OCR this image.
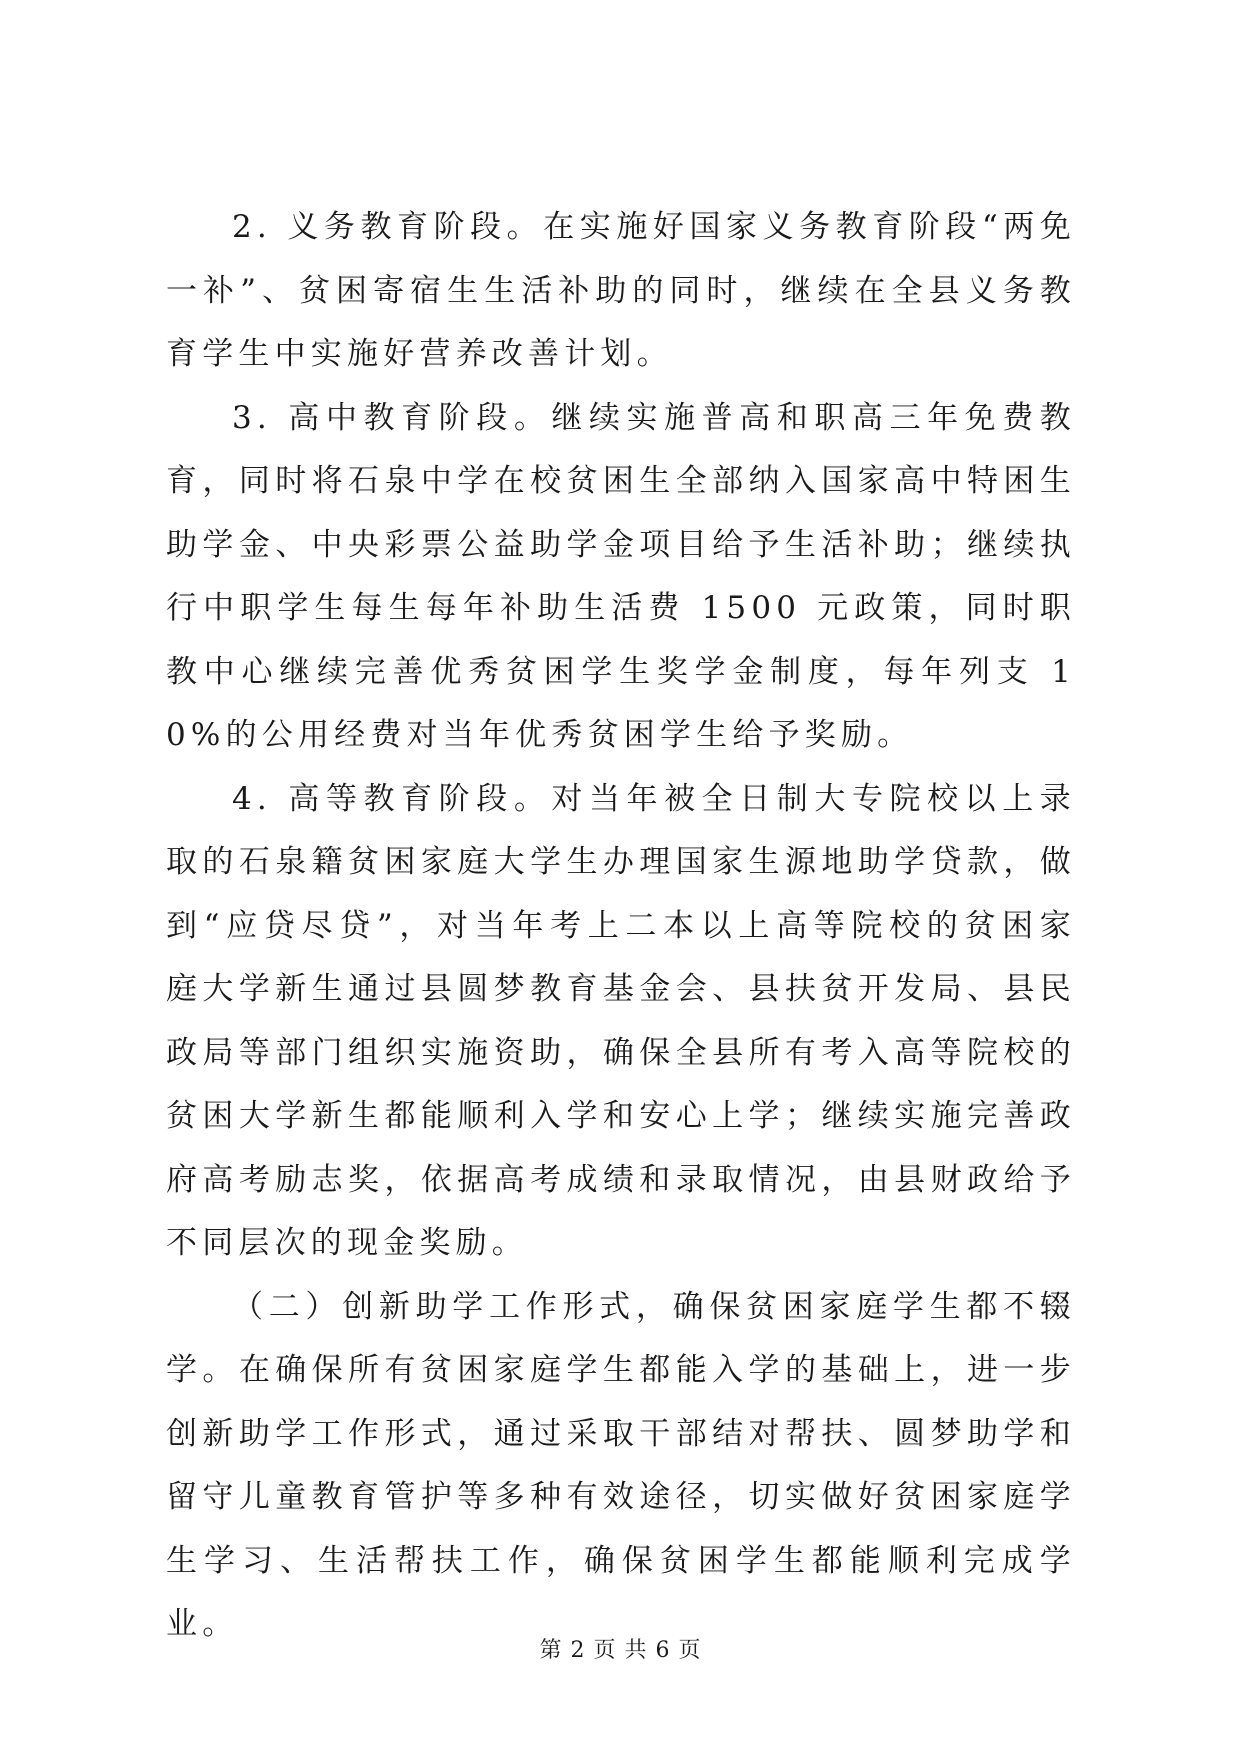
2. 义务教育阶段。在实施好国家义务教育阶段“两免一补”、贫困寄宿生生活补助的同时，继续在全县义务教育学生中实施好营养改善计划。

3. 高中教育阶段。继续实施普高和职高三年免费教育，同时将石泉中学在校贫困生全部纳入国家高中特困生助学金、中央彩票公益助学金项目给予生活补助；继续执行中职学生每生每年补助生活费 1500 元政策，同时职教中心继续完善优秀贫困学生奖学金制度，每年列支 10%的公用经费对当年优秀贫困学生给予奖励。

4. 高等教育阶段。对当年被全日制大专院校以上录取的石泉籍贫困家庭大学生办理国家生源地助学贷款，做到“应贷尽贷”，对当年考上二本以上高等院校的贫困家庭大学新生通过县圆梦教育基金会、县扶贫开发局、县民政局等部门组织实施资助，确保全县所有考入高等院校的贫困大学新生都能顺利入学和安心上学；继续实施完善政府高考励志奖，依据高考成绩和录取情况，由县财政给予不同层次的现金奖励。

（二）创新助学工作形式，确保贫困家庭学生都不辍学。在确保所有贫困家庭学生都能入学的基础上，进一步创新助学工作形式，通过采取干部结对帮扶、圆梦助学和留守儿童教育管护等多种有效途径，切实做好贫困家庭学生学习、生活帮扶工作，确保贫困学生都能顺利完成学业。

第 2 页 共 6 页
